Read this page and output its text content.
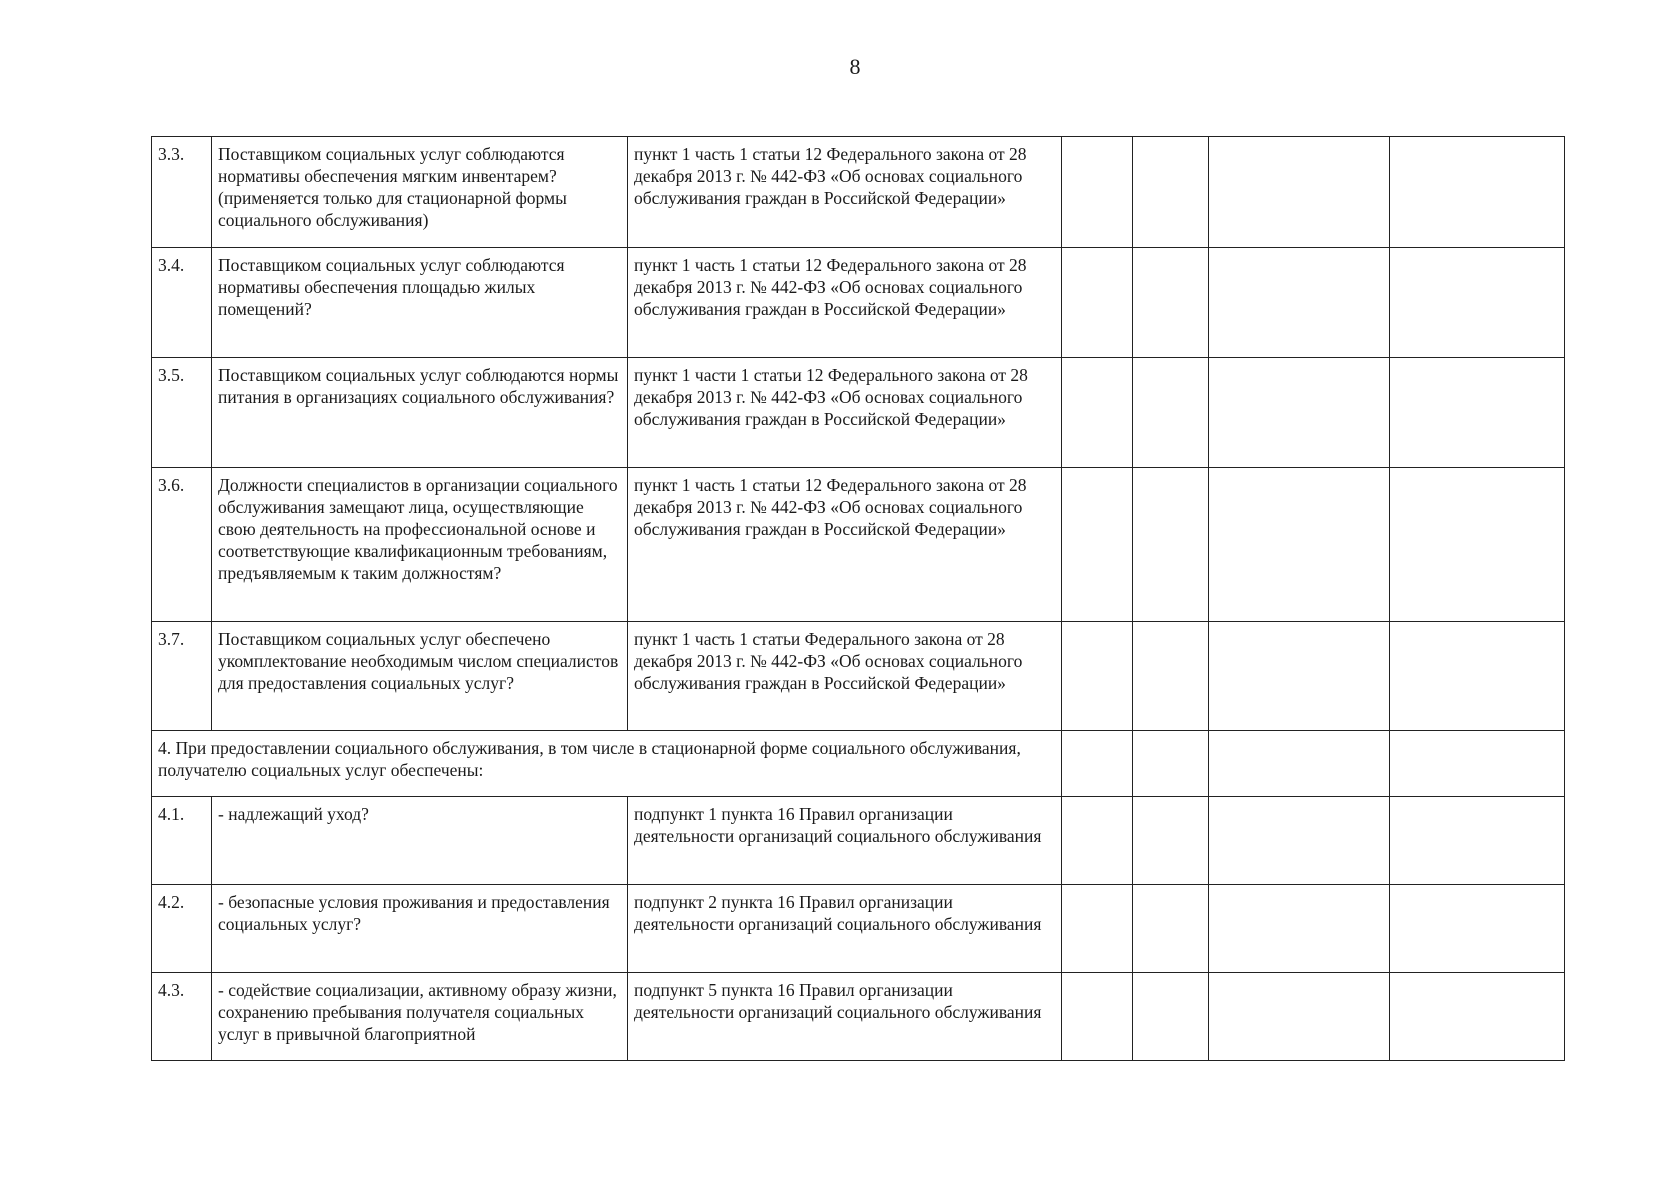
8
3.3.	Поставщиком социальных услуг соблюдаются нормативы обеспечения мягким инвентарем? (применяется только для стационарной формы социального обслуживания)	пункт 1 часть 1 статьи 12 Федерального закона от 28 декабря 2013 г. № 442-ФЗ «Об основах социального обслуживания граждан в Российской Федерации»				
3.4.	Поставщиком социальных услуг соблюдаются нормативы обеспечения площадью жилых помещений?	пункт 1 часть 1 статьи 12 Федерального закона от 28 декабря 2013 г. № 442-ФЗ «Об основах социального обслуживания граждан в Российской Федерации»				
3.5.	Поставщиком социальных услуг соблюдаются нормы питания в организациях социального обслуживания?	пункт 1 части 1 статьи 12 Федерального закона от 28 декабря 2013 г. № 442-ФЗ «Об основах социального обслуживания граждан в Российской Федерации»				
3.6.	Должности специалистов в организации социального обслуживания замещают лица, осуществляющие свою деятельность на профессиональной основе и соответствующие квалификационным требованиям, предъявляемым к таким должностям?	пункт 1 часть 1 статьи 12 Федерального закона от 28 декабря 2013 г. № 442-ФЗ «Об основах социального обслуживания граждан в Российской Федерации»				
3.7.	Поставщиком социальных услуг обеспечено укомплектование необходимым числом специалистов для предоставления социальных услуг?	пункт 1 часть 1 статьи Федерального закона от 28 декабря 2013 г. № 442-ФЗ «Об основах социального обслуживания граждан в Российской Федерации»				
4. При предоставлении социального обслуживания, в том числе в стационарной форме социального обслуживания, получателю социальных услуг обеспечены:						
4.1.	- надлежащий уход?	подпункт 1 пункта 16 Правил организации деятельности организаций социального обслуживания				
4.2.	- безопасные условия проживания и предоставления социальных услуг?	подпункт 2 пункта 16 Правил организации деятельности организаций социального обслуживания				
4.3.	- содействие социализации, активному образу жизни, сохранению пребывания получателя социальных услуг в привычной благоприятной	подпункт 5 пункта 16 Правил организации деятельности организаций социального обслуживания				
